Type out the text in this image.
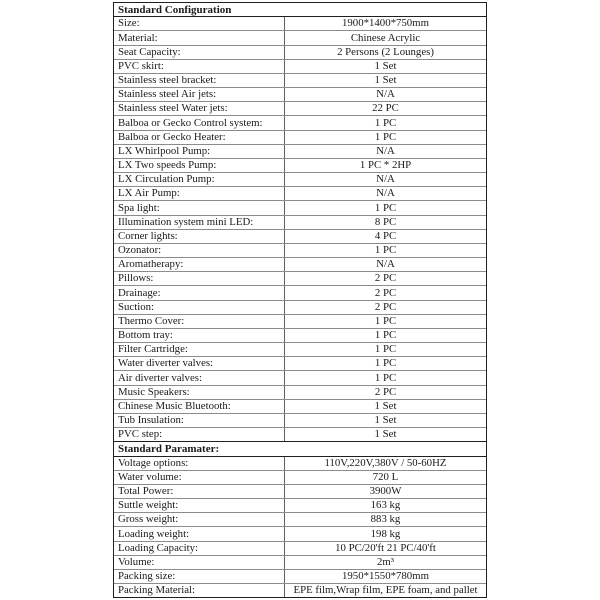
Standard Configuration
Size:	1900*1400*750mm
Material:	Chinese Acrylic
Seat Capacity:	2 Persons (2 Lounges)
PVC skirt:	1 Set
Stainless steel bracket:	1 Set
Stainless steel Air jets:	N/A
Stainless steel Water jets:	22 PC
Balboa or Gecko Control system:	1 PC
Balboa or Gecko Heater:	1 PC
LX Whirlpool Pump:	N/A
LX Two speeds Pump:	1 PC * 2HP
LX Circulation Pump:	N/A
LX Air Pump:	N/A
Spa light:	1 PC
Illumination system mini LED:	8 PC
Corner lights:	4 PC
Ozonator:	1 PC
Aromatherapy:	N/A
Pillows:	2 PC
Drainage:	2 PC
Suction:	2 PC
Thermo Cover:	1 PC
Bottom tray:	1 PC
Filter Cartridge:	1 PC
Water diverter valves:	1 PC
Air diverter valves:	1 PC
Music Speakers:	2 PC
Chinese Music Bluetooth:	1 Set
Tub Insulation:	1 Set
PVC step:	1 Set
Standard Paramater:
Voltage options:	110V,220V,380V / 50-60HZ
Water volume:	720 L
Total Power:	3900W
Suttle weight:	163 kg
Gross weight:	883 kg
Loading weight:	198 kg
Loading Capacity:	10 PC/20'ft 21 PC/40'ft
Volume:	2m³
Packing size:	1950*1550*780mm
Packing Material:	EPE film,Wrap film, EPE foam, and pallet
